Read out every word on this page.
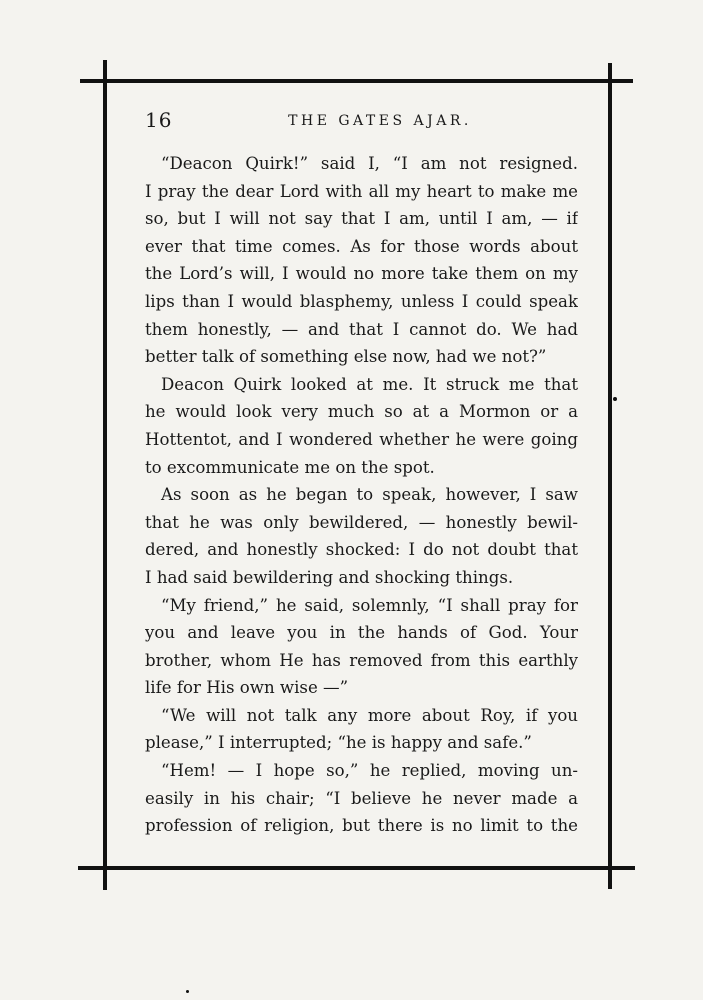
16	THE GATES AJAR.
“Deacon Quirk!” said I, “I am not resigned.
I pray the dear Lord with all my heart to make me
so, but I will not say that I am, until I am, — if
ever that time comes. As for those words about
the Lord’s will, I would no more take them on my
lips than I would blasphemy, unless I could speak
them honestly, — and that I cannot do. We had
better talk of something else now, had we not?”
Deacon Quirk looked at me. It struck me that
he would look very much so at a Mormon or a
Hottentot, and I wondered whether he were going
to excommunicate me on the spot.
As soon as he began to speak, however, I saw
that he was only bewildered, — honestly bewil-
dered, and honestly shocked: I do not doubt that
I had said bewildering and shocking things.
“My friend,” he said, solemnly, “I shall pray for
you and leave you in the hands of God. Your
brother, whom He has removed from this earthly
life for His own wise —”
“We will not talk any more about Roy, if you
please,” I interrupted; “he is happy and safe.”
“Hem! — I hope so,” he replied, moving un-
easily in his chair; “I believe he never made a
profession of religion, but there is no limit to the
